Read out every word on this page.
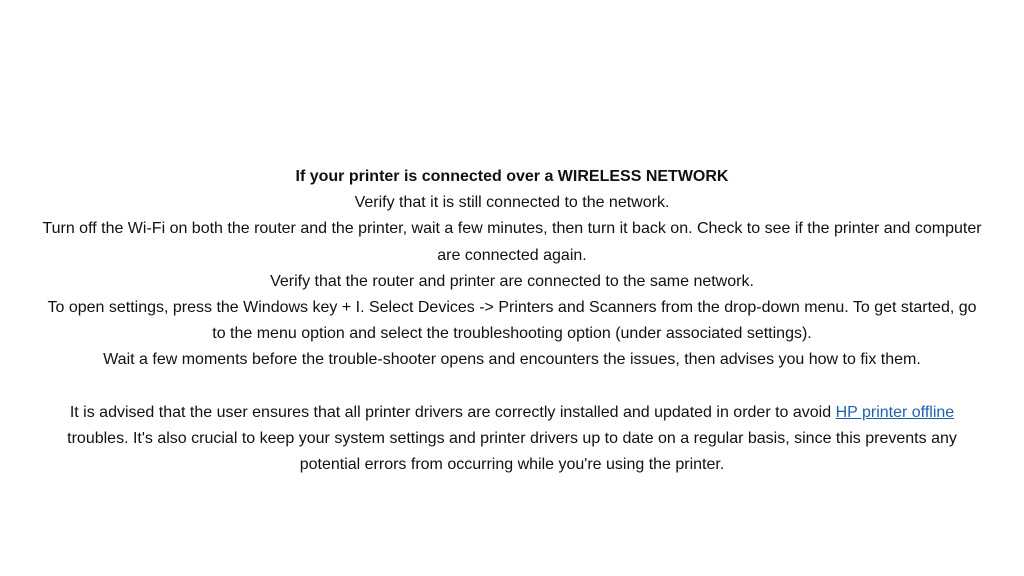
If your printer is connected over a WIRELESS NETWORK

Verify that it is still connected to the network.

Turn off the Wi-Fi on both the router and the printer, wait a few minutes, then turn it back on. Check to see if the printer and computer are connected again.

Verify that the router and printer are connected to the same network.

To open settings, press the Windows key + I. Select Devices -> Printers and Scanners from the drop-down menu. To get started, go to the menu option and select the troubleshooting option (under associated settings).

Wait a few moments before the trouble-shooter opens and encounters the issues, then advises you how to fix them.

It is advised that the user ensures that all printer drivers are correctly installed and updated in order to avoid HP printer offline troubles. It's also crucial to keep your system settings and printer drivers up to date on a regular basis, since this prevents any potential errors from occurring while you're using the printer.
